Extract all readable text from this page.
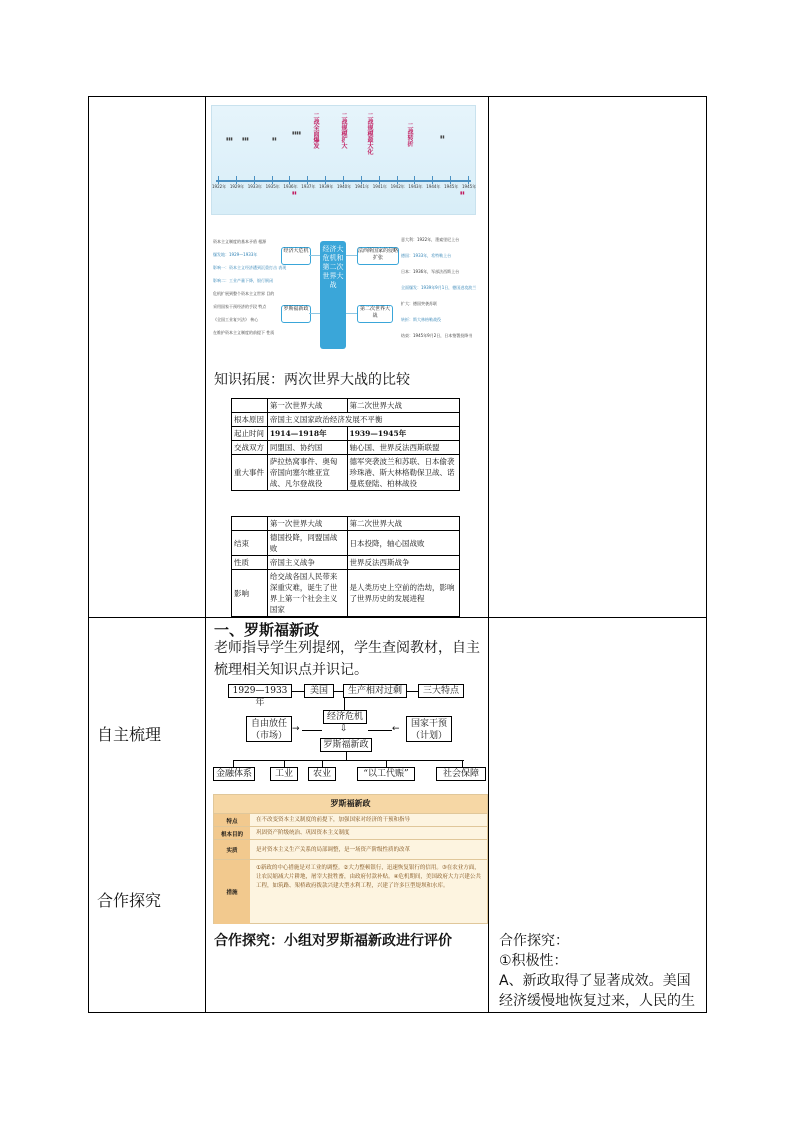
1922年 1929年 1933年 1935年 1936年 1937年 1939年 1940年 1941年 1941年 1942年 1943年 1944年 1945年 1945年
二战全面爆发
二战规模扩大
二战规模最大化
二战转折
▮▮▮	▮▮▮	▮▮
▮▮▮▮
▮▮
▮▮	▮▮
经济大危机和第二次世界大战
经济大危机
罗斯福新政
法西斯国家的侵略扩张
第二次世界大战
资本主义制度的基本矛盾 根源
爆发地：1929—1933年
影响一：资本主义经济遭到沉重打击 表现
影响二：工业产量下降，银行倒闭
危机扩展到整个资本主义世界 目的
采用国家干预经济的手段 特点
《全国工业复兴法》 核心
在维护资本主义制度的前提下 性质
意大利：1922年，墨索里尼上台
德国：1933年，希特勒上台
日本：1936年，军部法西斯上台
全面爆发：1939年9月1日，德国进攻波兰
扩大：德国突袭苏联
转折：斯大林格勒战役
结束：1945年9月2日，日本签署投降书
知识拓展：两次世界大战的比较
	第一次世界大战	第二次世界大战
根本原因	帝国主义国家政治经济发展不平衡	
起止时间	1914—1918年	1939—1945年
交战双方	同盟国、协约国	轴心国、世界反法西斯联盟
重大事件	萨拉热窝事件、奥匈帝国向塞尔维亚宣战、凡尔登战役	德军突袭波兰和苏联、日本偷袭珍珠港、斯大林格勒保卫战、诺曼底登陆、柏林战役
	第一次世界大战	第二次世界大战
结束	德国投降，同盟国战败	日本投降，轴心国战败
性质	帝国主义战争	世界反法西斯战争
影响	给交战各国人民带来深重灾难，诞生了世界上第一个社会主义国家	是人类历史上空前的浩劫，影响了世界历史的发展进程
自主梳理
合作探究
一、罗斯福新政
老师指导学生列提纲，学生查阅教材，自主梳理相关知识点并识记。
1929—1933年
美国	生产相对过剩	三大特点
经济危机
自由放任（市场）
国家干预（计划）
→	←
⇩
罗斯福新政
金融体系	工业	农业	“以工代赈”	社会保障
罗斯福新政
特点	在不改变资本主义制度的前提下，加强国家对经济的干预和指导
根本目的	巩固资产阶级统治、巩固资本主义制度
实质	是对资本主义生产关系的局部调整，是一场资产阶级性质的改革
措施
①新政的中心措施是对工业的调整。②大力整顿银行，迅速恢复银行的信用。③在农业方面，让农民缩减大片耕地，屠宰大批牲畜，由政府付款补贴。④危机期间，美国政府大力兴建公共工程，如筑路、架桥政府拨款兴建大型水利工程，兴建了许多巨型堤坝和水库。
合作探究：小组对罗斯福新政进行评价	合作探究：
①积极性：
A、新政取得了显著成效。美国
经济缓慢地恢复过来，人民的生
